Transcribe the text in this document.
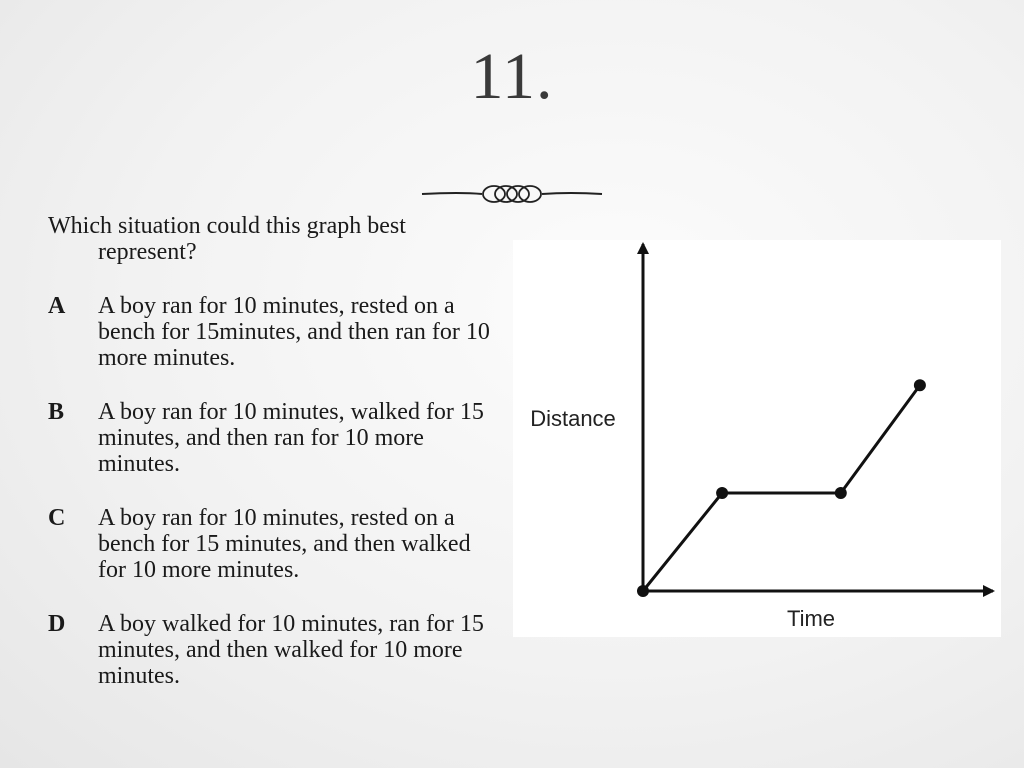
11.

Which situation could this graph best represent?

A	A boy ran for 10 minutes, rested on a bench for 15minutes, and then ran for 10 more minutes.
B	A boy ran for 10 minutes, walked for 15 minutes, and then ran for 10 more minutes.
C	A boy ran for 10 minutes, rested on a bench for 15 minutes, and then walked for 10 more minutes.
D	A boy walked for 10 minutes, ran for 15 minutes, and then walked for 10 more minutes.
Time
Distance
